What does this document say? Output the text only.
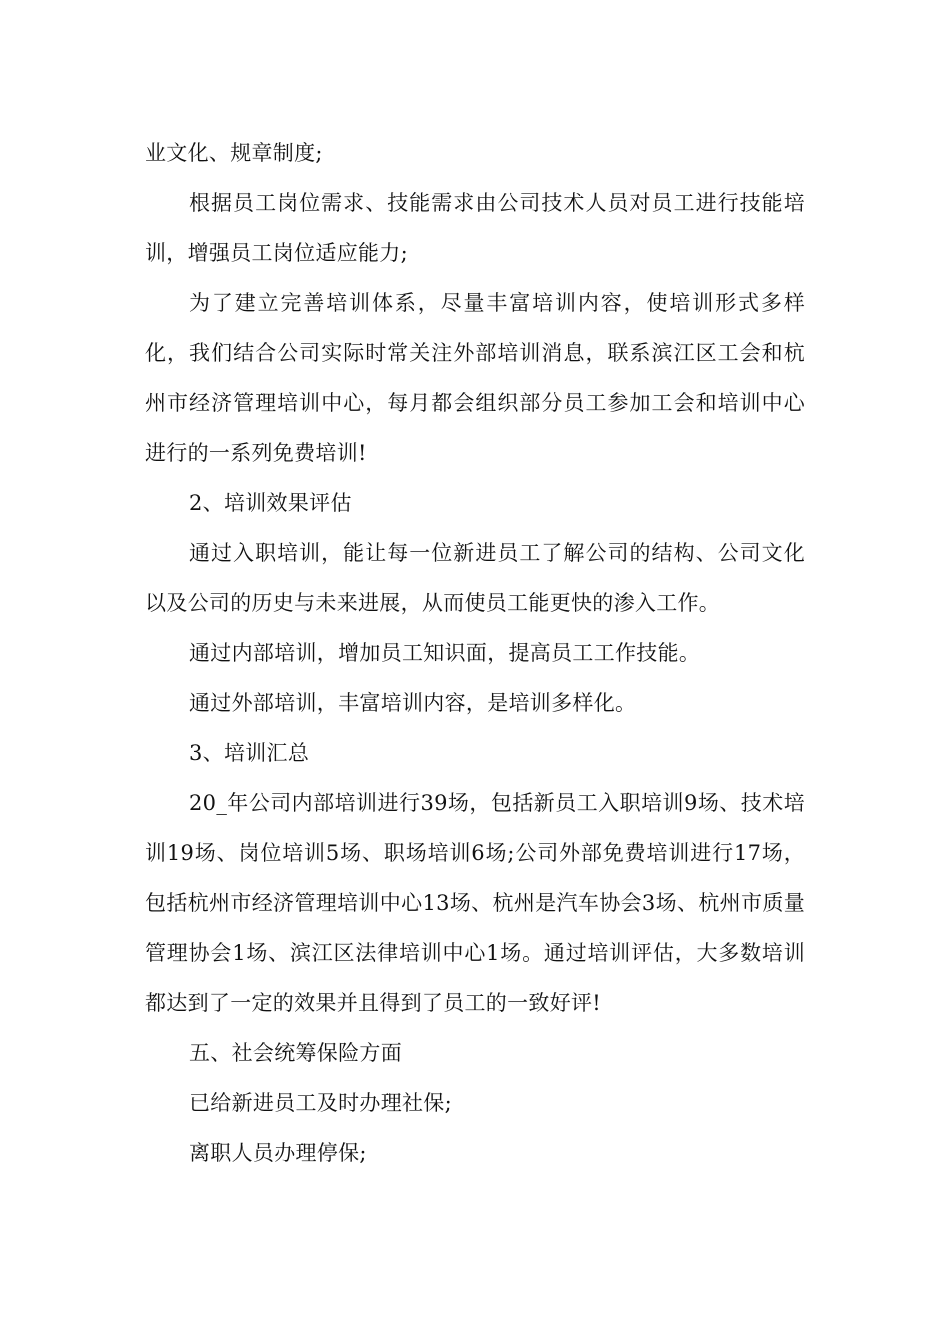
业文化、规章制度;

根据员工岗位需求、技能需求由公司技术人员对员工进行技能培训，增强员工岗位适应能力;

为了建立完善培训体系，尽量丰富培训内容，使培训形式多样化，我们结合公司实际时常关注外部培训消息，联系滨江区工会和杭州市经济管理培训中心，每月都会组织部分员工参加工会和培训中心进行的一系列免费培训!

2、培训效果评估

通过入职培训，能让每一位新进员工了解公司的结构、公司文化以及公司的历史与未来进展，从而使员工能更快的渗入工作。

通过内部培训，增加员工知识面，提高员工工作技能。

通过外部培训，丰富培训内容，是培训多样化。

3、培训汇总

20_年公司内部培训进行39场，包括新员工入职培训9场、技术培训19场、岗位培训5场、职场培训6场;公司外部免费培训进行17场，包括杭州市经济管理培训中心13场、杭州是汽车协会3场、杭州市质量管理协会1场、滨江区法律培训中心1场。通过培训评估，大多数培训都达到了一定的效果并且得到了员工的一致好评!

五、社会统筹保险方面

已给新进员工及时办理社保;

离职人员办理停保;
